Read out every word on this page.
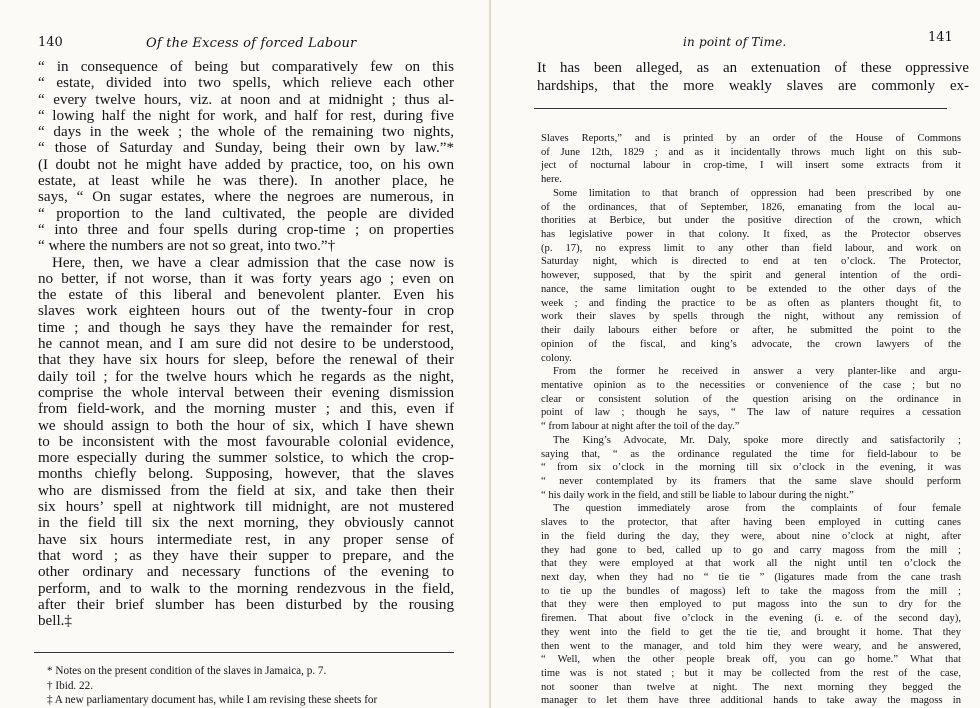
140	Of the Excess of forced Labour
“ in consequence of being but comparatively few on this
“ estate, divided into two spells, which relieve each other
“ every twelve hours, viz. at noon and at midnight ; thus al-
“ lowing half the night for work, and half for rest, during five
“ days in the week ; the whole of the remaining two nights,
“ those of Saturday and Sunday, being their own by law.”*
(I doubt not he might have added by practice, too, on his own
estate, at least while he was there). In another place, he
says, “ On sugar estates, where the negroes are numerous, in
“ proportion to the land cultivated, the people are divided
“ into three and four spells during crop-time ; on properties
“ where the numbers are not so great, into two.”†
Here, then, we have a clear admission that the case now is
no better, if not worse, than it was forty years ago ; even on
the estate of this liberal and benevolent planter. Even his
slaves work eighteen hours out of the twenty-four in crop
time ; and though he says they have the remainder for rest,
he cannot mean, and I am sure did not desire to be understood,
that they have six hours for sleep, before the renewal of their
daily toil ; for the twelve hours which he regards as the night,
comprise the whole interval between their evening dismission
from field-work, and the morning muster ; and this, even if
we should assign to both the hour of six, which I have shewn
to be inconsistent with the most favourable colonial evidence,
more especially during the summer solstice, to which the crop-
months chiefly belong. Supposing, however, that the slaves
who are dismissed from the field at six, and take then their
six hours’ spell at nightwork till midnight, are not mustered
in the field till six the next morning, they obviously cannot
have six hours intermediate rest, in any proper sense of
that word ; as they have their supper to prepare, and the
other ordinary and necessary functions of the evening to
perform, and to walk to the morning rendezvous in the field,
after their brief slumber has been disturbed by the rousing
bell.‡
* Notes on the present condition of the slaves in Jamaica, p. 7.
† Ibid. 22.
‡ A new parliamentary document has, while I am revising these sheets for
in point of Time.	141
It has been alleged, as an extenuation of these oppressive
hardships, that the more weakly slaves are commonly ex-
Slaves Reports,” and is printed by an order of the House of Commons
of June 12th, 1829 ; and as it incidentally throws much light on this sub-
ject of nocturnal labour in crop-time, I will insert some extracts from it
here.
Some limitation to that branch of oppression had been prescribed by one
of the ordinances, that of September, 1826, emanating from the local au-
thorities at Berbice, but under the positive direction of the crown, which
has legislative power in that colony. It fixed, as the Protector observes
(p. 17), no express limit to any other than field labour, and work on
Saturday night, which is directed to end at ten o’clock. The Protector,
however, supposed, that by the spirit and general intention of the ordi-
nance, the same limitation ought to be extended to the other days of the
week ; and finding the practice to be as often as planters thought fit, to
work their slaves by spells through the night, without any remission of
their daily labours either before or after, he submitted the point to the
opinion of the fiscal, and king’s advocate, the crown lawyers of the
colony.
From the former he received in answer a very planter-like and argu-
mentative opinion as to the necessities or convenience of the case ; but no
clear or consistent solution of the question arising on the ordinance in
point of law ; though he says, “ The law of nature requires a cessation
“ from labour at night after the toil of the day.”
The King’s Advocate, Mr. Daly, spoke more directly and satisfactorily ;
saying that, “ as the ordinance regulated the time for field-labour to be
“ from six o’clock in the morning till six o’clock in the evening, it was
“ never contemplated by its framers that the same slave should perform
“ his daily work in the field, and still be liable to labour during the night.”
The question immediately arose from the complaints of four female
slaves to the protector, that after having been employed in cutting canes
in the field during the day, they were, about nine o’clock at night, after
they had gone to bed, called up to go and carry magoss from the mill ;
that they were employed at that work all the night until ten o’clock the
next day, when they had no “ tie tie ” (ligatures made from the cane trash
to tie up the bundles of magoss) left to take the magoss from the mill ;
that they were then employed to put magoss into the sun to dry for the
firemen. That about five o’clock in the evening (i. e. of the second day),
they went into the field to get the tie tie, and brought it home. That they
then went to the manager, and told him they were weary, and he answered,
“ Well, when the other people break off, you can go home.” What that
time was is not stated ; but it may be collected from the rest of the case,
not sooner than twelve at night. The next morning they begged the
manager to let them have three additional hands to take away the magoss in
